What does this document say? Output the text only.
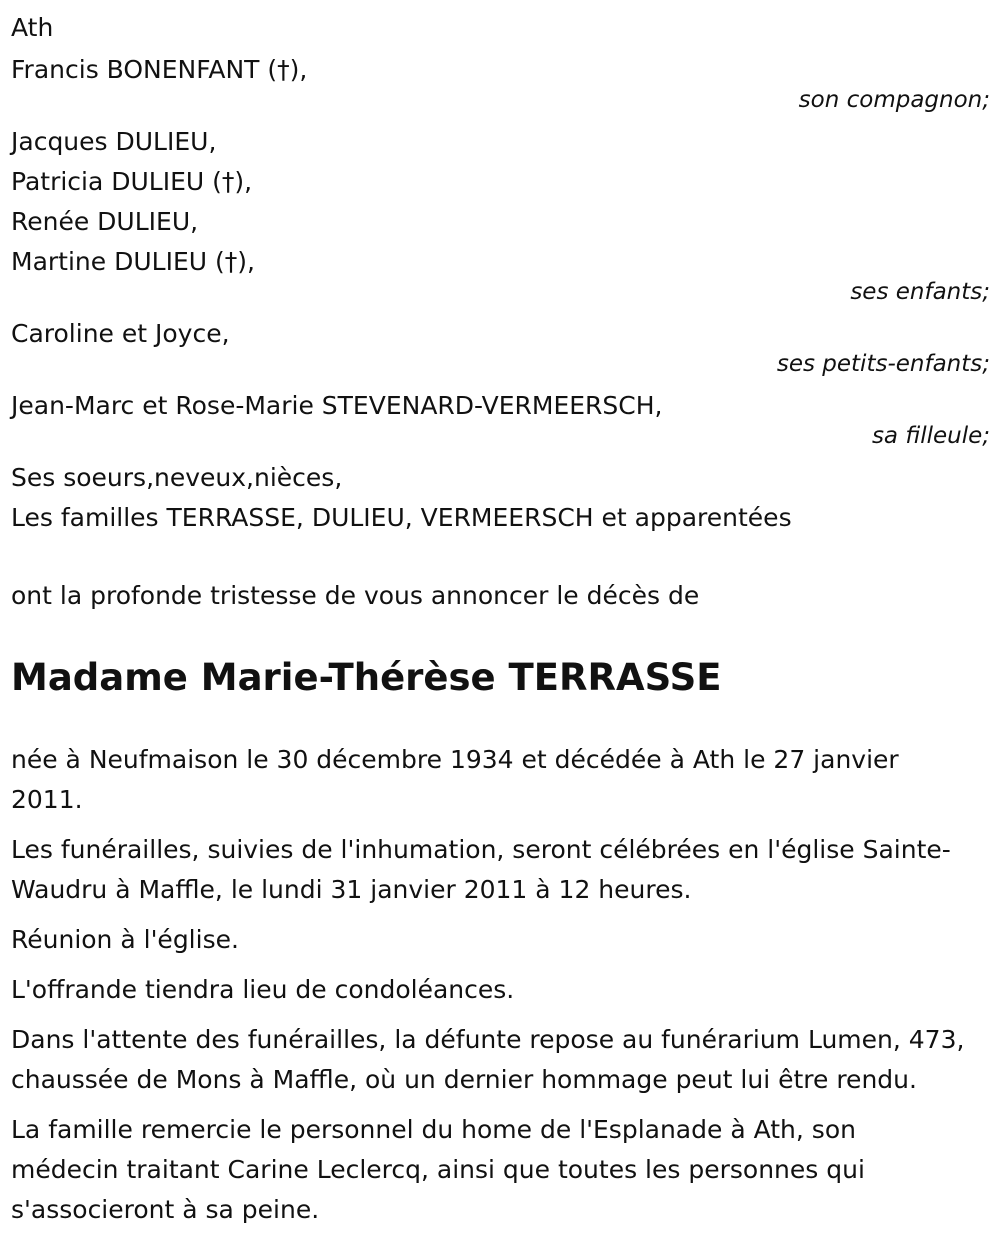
Ath
Francis BONENFANT (†),
son compagnon;
Jacques DULIEU,
Patricia DULIEU (†),
Renée DULIEU,
Martine DULIEU (†),
ses enfants;
Caroline et Joyce,
ses petits-enfants;
Jean-Marc et Rose-Marie STEVENARD-VERMEERSCH,
sa filleule;
Ses soeurs,neveux,nièces,
Les familles TERRASSE, DULIEU, VERMEERSCH et apparentées
ont la profonde tristesse de vous annoncer le décès de
Madame Marie-Thérèse TERRASSE

née à Neufmaison le 30 décembre 1934 et décédée à Ath le 27 janvier 2011.

Les funérailles, suivies de l'inhumation, seront célébrées en l'église Sainte-Waudru à Maffle, le lundi 31 janvier 2011 à 12 heures.

Réunion à l'église.

L'offrande tiendra lieu de condoléances.

Dans l'attente des funérailles, la défunte repose au funérarium Lumen, 473, chaussée de Mons à Maffle, où un dernier hommage peut lui être rendu.

La famille remercie le personnel du home de l'Esplanade à Ath, son médecin traitant Carine Leclercq, ainsi que toutes les personnes qui s'associeront à sa peine.
